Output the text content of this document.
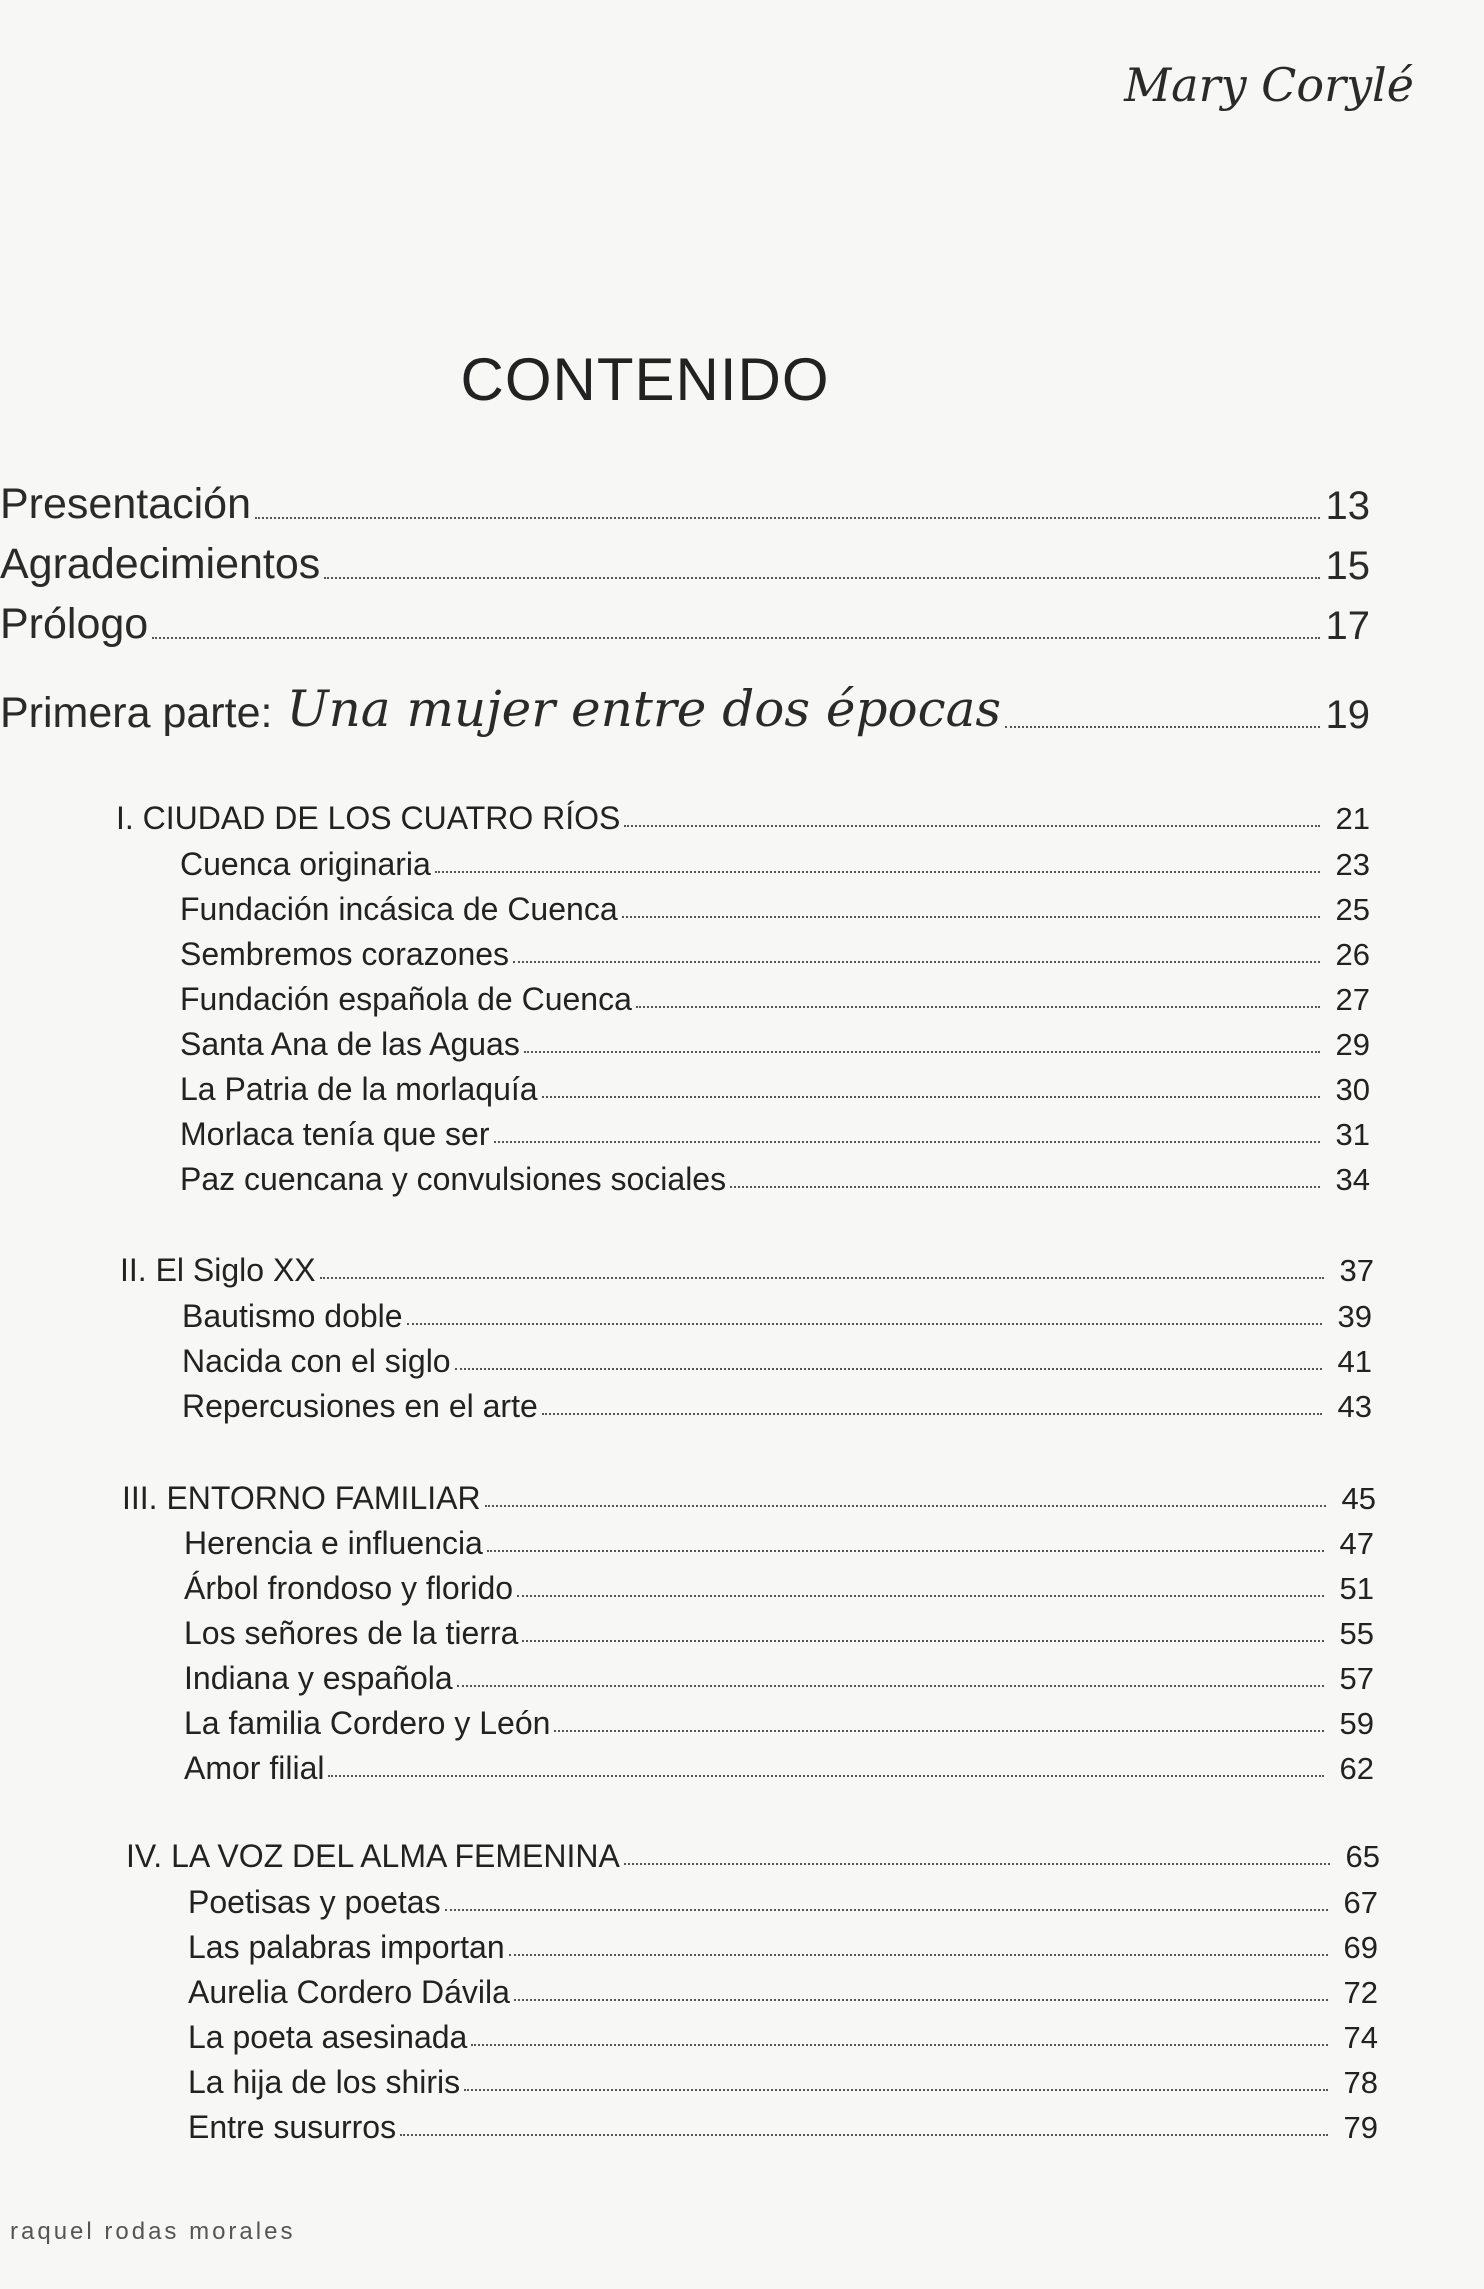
Mary Corylé
CONTENIDO
Presentación	13
Agradecimientos	15
Prólogo	17
Primera parte: Una mujer entre dos épocas	19
I. CIUDAD DE LOS CUATRO RÍOS	21
Cuenca originaria	23
Fundación incásica de Cuenca	25
Sembremos corazones	26
Fundación española de Cuenca	27
Santa Ana de las Aguas	29
La Patria de la morlaquía	30
Morlaca tenía que ser	31
Paz cuencana y convulsiones sociales	34
II. El Siglo XX	37
Bautismo doble	39
Nacida con el siglo	41
Repercusiones en el arte	43
III. ENTORNO FAMILIAR	45
Herencia e influencia	47
Árbol frondoso y florido	51
Los señores de la tierra	55
Indiana y española	57
La familia Cordero y León	59
Amor filial	62
IV. LA VOZ DEL ALMA FEMENINA	65
Poetisas y poetas	67
Las palabras importan	69
Aurelia Cordero Dávila	72
La poeta asesinada	74
La hija de los shiris	78
Entre susurros	79
raquel rodas morales
